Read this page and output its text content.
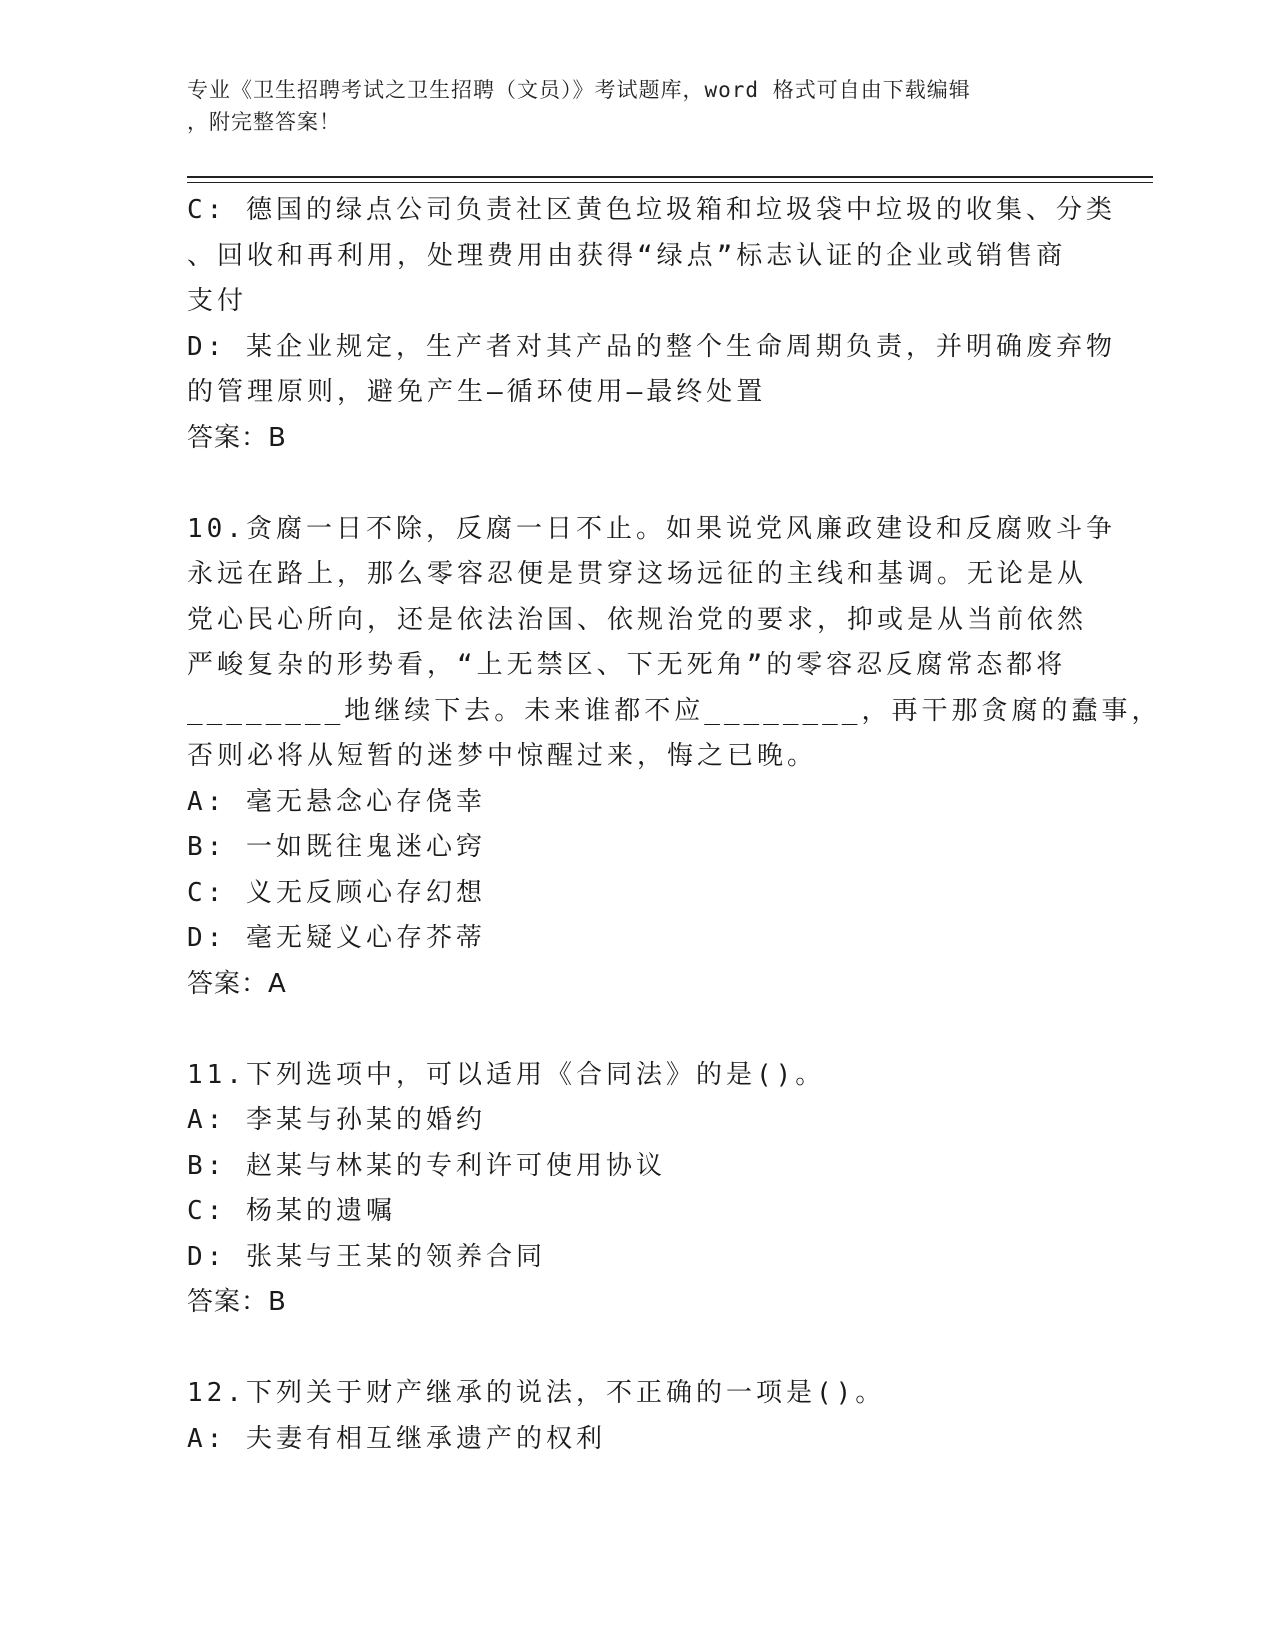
专业《卫生招聘考试之卫生招聘（文员）》考试题库，word 格式可自由下载编辑
，附完整答案！
C: 德国的绿点公司负责社区黄色垃圾箱和垃圾袋中垃圾的收集、分类
、回收和再利用，处理费用由获得“绿点”标志认证的企业或销售商
支付
D: 某企业规定，生产者对其产品的整个生命周期负责，并明确废弃物
的管理原则，避免产生—循环使用—最终处置
答案：B
10.贪腐一日不除，反腐一日不止。如果说党风廉政建设和反腐败斗争
永远在路上，那么零容忍便是贯穿这场远征的主线和基调。无论是从
党心民心所向，还是依法治国、依规治党的要求，抑或是从当前依然
严峻复杂的形势看，“上无禁区、下无死角”的零容忍反腐常态都将
________地继续下去。未来谁都不应________，再干那贪腐的蠢事，
否则必将从短暂的迷梦中惊醒过来，悔之已晚。
A: 毫无悬念心存侥幸
B: 一如既往鬼迷心窍
C: 义无反顾心存幻想
D: 毫无疑义心存芥蒂
答案：A
11.下列选项中，可以适用《合同法》的是()。
A: 李某与孙某的婚约
B: 赵某与林某的专利许可使用协议
C: 杨某的遗嘱
D: 张某与王某的领养合同
答案：B
12.下列关于财产继承的说法，不正确的一项是()。
A: 夫妻有相互继承遗产的权利
